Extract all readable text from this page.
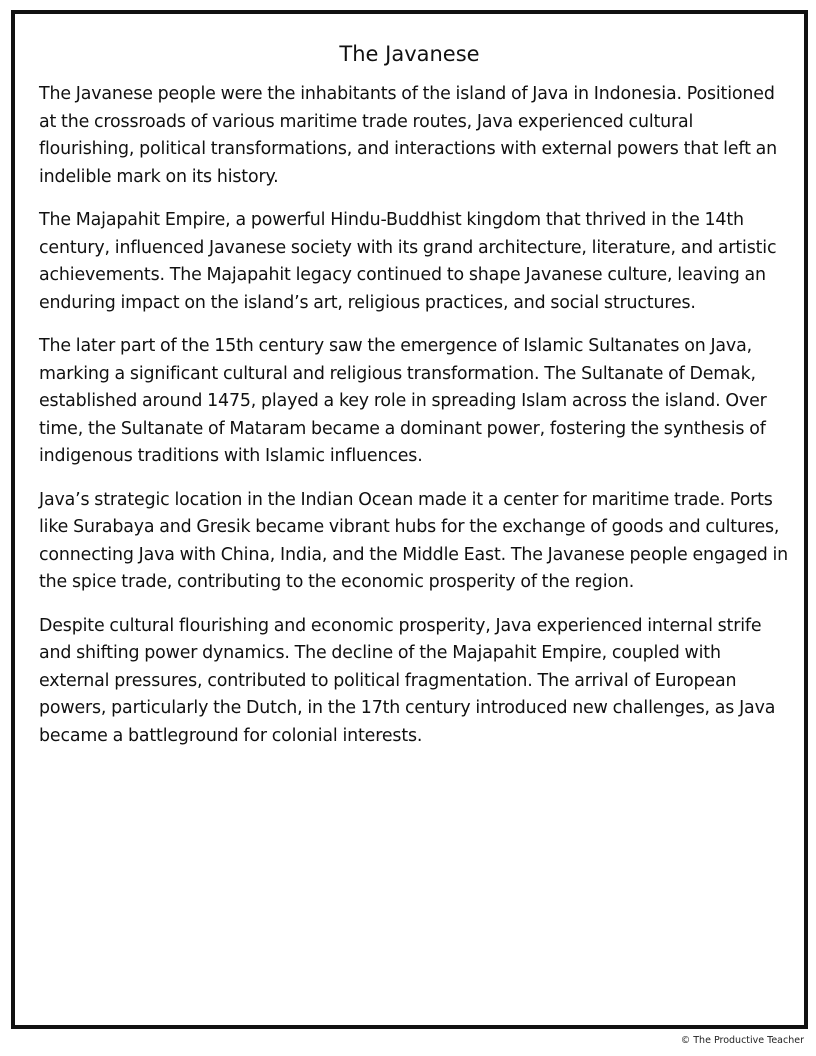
The Javanese

The Javanese people were the inhabitants of the island of Java in Indonesia. Positioned at the crossroads of various maritime trade routes, Java experienced cultural flourishing, political transformations, and interactions with external powers that left an indelible mark on its history.

The Majapahit Empire, a powerful Hindu-Buddhist kingdom that thrived in the 14th century, influenced Javanese society with its grand architecture, literature, and artistic achievements. The Majapahit legacy continued to shape Javanese culture, leaving an enduring impact on the island’s art, religious practices, and social structures.

The later part of the 15th century saw the emergence of Islamic Sultanates on Java, marking a significant cultural and religious transformation. The Sultanate of Demak, established around 1475, played a key role in spreading Islam across the island. Over time, the Sultanate of Mataram became a dominant power, fostering the synthesis of indigenous traditions with Islamic influences.

Java’s strategic location in the Indian Ocean made it a center for maritime trade. Ports like Surabaya and Gresik became vibrant hubs for the exchange of goods and cultures, connecting Java with China, India, and the Middle East. The Javanese people engaged in the spice trade, contributing to the economic prosperity of the region.

Despite cultural flourishing and economic prosperity, Java experienced internal strife and shifting power dynamics. The decline of the Majapahit Empire, coupled with external pressures, contributed to political fragmentation. The arrival of European powers, particularly the Dutch, in the 17th century introduced new challenges, as Java became a battleground for colonial interests.

© The Productive Teacher
